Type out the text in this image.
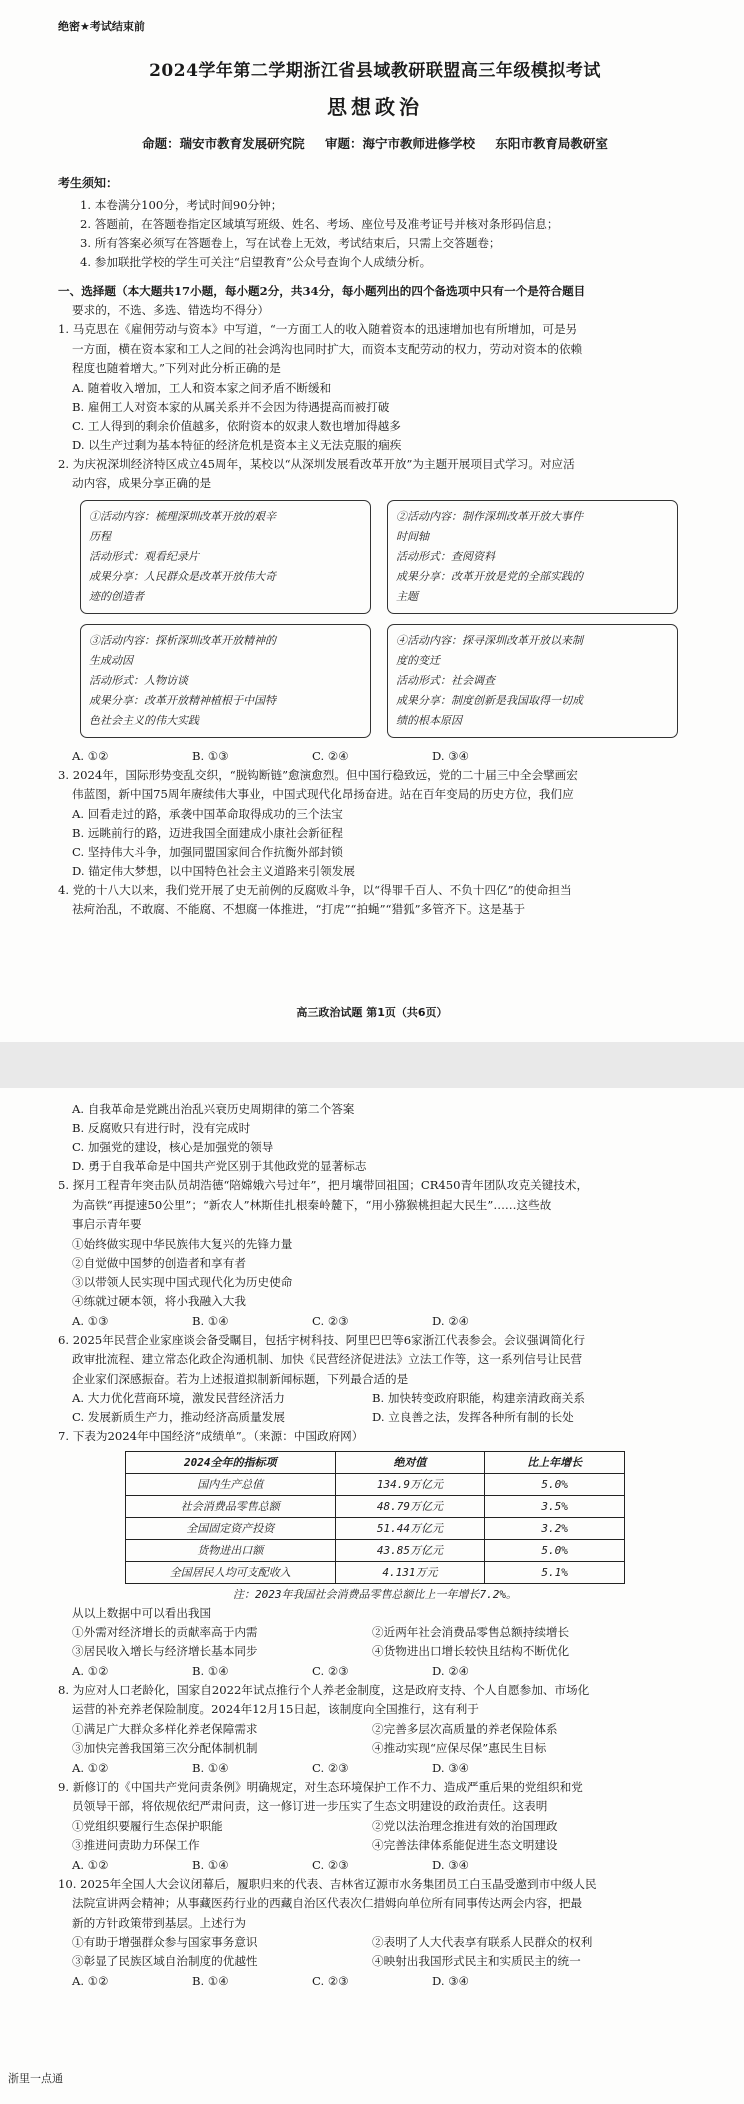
绝密★考试结束前
2024学年第二学期浙江省县域教研联盟高三年级模拟考试
思想政治
命题：瑞安市教育发展研究院 审题：海宁市教师进修学校 东阳市教育局教研室
考生须知：
1. 本卷满分100分，考试时间90分钟；
2. 答题前，在答题卷指定区域填写班级、姓名、考场、座位号及准考证号并核对条形码信息；
3. 所有答案必须写在答题卷上，写在试卷上无效，考试结束后，只需上交答题卷；
4. 参加联批学校的学生可关注“启望教育”公众号查询个人成绩分析。
一、选择题（本大题共17小题，每小题2分，共34分，每小题列出的四个备选项中只有一个是符合题目
要求的，不选、多选、错选均不得分）
1. 马克思在《雇佣劳动与资本》中写道，“一方面工人的收入随着资本的迅速增加也有所增加，可是另
一方面，横在资本家和工人之间的社会鸿沟也同时扩大，而资本支配劳动的权力，劳动对资本的依赖
程度也随着增大。”下列对此分析正确的是
A. 随着收入增加，工人和资本家之间矛盾不断缓和
B. 雇佣工人对资本家的从属关系并不会因为待遇提高而被打破
C. 工人得到的剩余价值越多，依附资本的奴隶人数也增加得越多
D. 以生产过剩为基本特征的经济危机是资本主义无法克服的痼疾
2. 为庆祝深圳经济特区成立45周年，某校以“从深圳发展看改革开放”为主题开展项目式学习。对应活
动内容，成果分享正确的是
①活动内容：梳理深圳改革开放的艰辛
历程
活动形式：观看纪录片
成果分享：人民群众是改革开放伟大奇
迹的创造者
②活动内容：制作深圳改革开放大事件
时间轴
活动形式：查阅资料
成果分享：改革开放是党的全部实践的
主题
③活动内容：探析深圳改革开放精神的
生成动因
活动形式：人物访谈
成果分享：改革开放精神植根于中国特
色社会主义的伟大实践
④活动内容：探寻深圳改革开放以来制
度的变迁
活动形式：社会调查
成果分享：制度创新是我国取得一切成
绩的根本原因
A. ①②	B. ①③	C. ②④	D. ③④
3. 2024年，国际形势变乱交织，“脱钩断链”愈演愈烈。但中国行稳致远，党的二十届三中全会擘画宏
伟蓝图，新中国75周年赓续伟大事业，中国式现代化昂扬奋进。站在百年变局的历史方位，我们应
A. 回看走过的路，承袭中国革命取得成功的三个法宝
B. 远眺前行的路，迈进我国全面建成小康社会新征程
C. 坚持伟大斗争，加强同盟国家间合作抗衡外部封锁
D. 锚定伟大梦想，以中国特色社会主义道路来引领发展
4. 党的十八大以来，我们党开展了史无前例的反腐败斗争，以“得罪千百人、不负十四亿”的使命担当
祛疴治乱，不敢腐、不能腐、不想腐一体推进，“打虎”“拍蝇”“猎狐”多管齐下。这是基于
高三政治试题 第1页（共6页）
A. 自我革命是党跳出治乱兴衰历史周期律的第二个答案
B. 反腐败只有进行时，没有完成时
C. 加强党的建设，核心是加强党的领导
D. 勇于自我革命是中国共产党区别于其他政党的显著标志
5. 探月工程青年突击队员胡浩德“陪嫦娥六号过年”，把月壤带回祖国；CR450青年团队攻克关键技术，
为高铁“再提速50公里”；“新农人”林斯佳扎根秦岭麓下，“用小猕猴桃担起大民生”……这些故
事启示青年要
①始终做实现中华民族伟大复兴的先锋力量
②自觉做中国梦的创造者和享有者
③以带领人民实现中国式现代化为历史使命
④练就过硬本领，将小我融入大我
A. ①③	B. ①④	C. ②③	D. ②④
6. 2025年民营企业家座谈会备受瞩目，包括宇树科技、阿里巴巴等6家浙江代表参会。会议强调简化行
政审批流程、建立常态化政企沟通机制、加快《民营经济促进法》立法工作等，这一系列信号让民营
企业家们深感振奋。若为上述报道拟制新闻标题，下列最合适的是
A. 大力优化营商环境，激发民营经济活力	B. 加快转变政府职能，构建亲清政商关系
C. 发展新质生产力，推动经济高质量发展	D. 立良善之法，发挥各种所有制的长处
7. 下表为2024年中国经济“成绩单”。（来源：中国政府网）
2024全年的指标项	绝对值	比上年增长
国内生产总值	134.9万亿元	5.0%
社会消费品零售总额	48.79万亿元	3.5%
全国固定资产投资	51.44万亿元	3.2%
货物进出口额	43.85万亿元	5.0%
全国居民人均可支配收入	4.131万元	5.1%
注：2023年我国社会消费品零售总额比上一年增长7.2%。
从以上数据中可以看出我国
①外需对经济增长的贡献率高于内需	②近两年社会消费品零售总额持续增长
③居民收入增长与经济增长基本同步	④货物进出口增长较快且结构不断优化
A. ①②	B. ①④	C. ②③	D. ②④
8. 为应对人口老龄化，国家自2022年试点推行个人养老金制度，这是政府支持、个人自愿参加、市场化
运营的补充养老保险制度。2024年12月15日起，该制度向全国推行，这有利于
①满足广大群众多样化养老保障需求	②完善多层次高质量的养老保险体系
③加快完善我国第三次分配体制机制	④推动实现“应保尽保”惠民生目标
A. ①②	B. ①④	C. ②③	D. ③④
9. 新修订的《中国共产党问责条例》明确规定，对生态环境保护工作不力、造成严重后果的党组织和党
员领导干部，将依规依纪严肃问责，这一修订进一步压实了生态文明建设的政治责任。这表明
①党组织要履行生态保护职能	②党以法治理念推进有效的治国理政
③推进问责助力环保工作	④完善法律体系能促进生态文明建设
A. ①②	B. ①④	C. ②③	D. ③④
10. 2025年全国人大会议闭幕后，履职归来的代表、吉林省辽源市水务集团员工白玉晶受邀到市中级人民
法院宣讲两会精神；从事藏医药行业的西藏自治区代表次仁措姆向单位所有同事传达两会内容，把最
新的方针政策带到基层。上述行为
①有助于增强群众参与国家事务意识	②表明了人大代表享有联系人民群众的权利
③彰显了民族区域自治制度的优越性	④映射出我国形式民主和实质民主的统一
A. ①②	B. ①④	C. ②③	D. ③④
浙里一点通
